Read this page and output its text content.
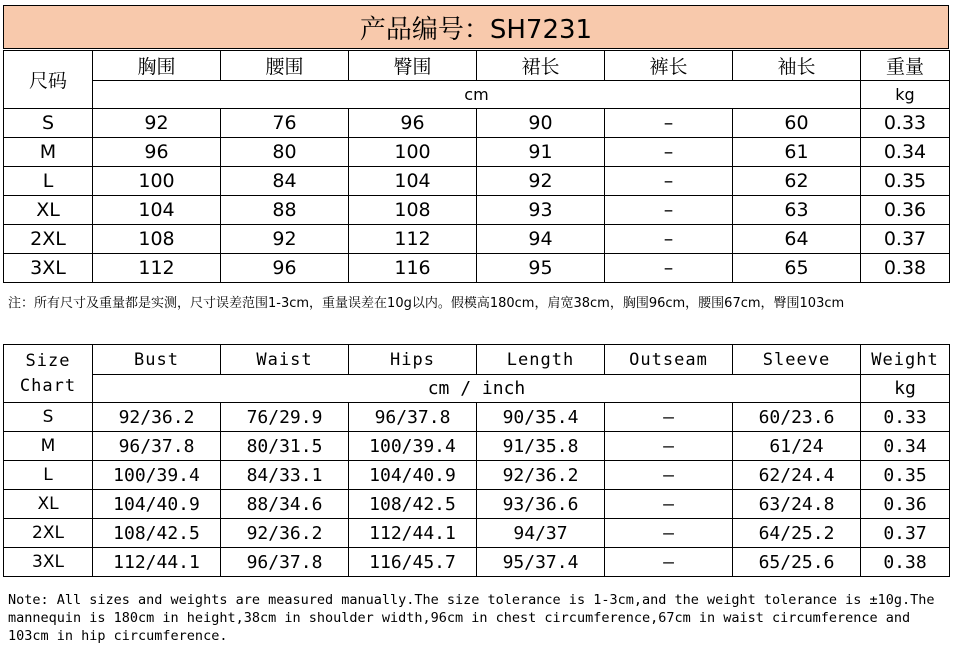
产品编号：SH7231
尺码	胸围	腰围	臀围	裙长	裤长	袖长	重量
	cm						kg
S	92	76	96	90	–	60	0.33
M	96	80	100	91	–	61	0.34
L	100	84	104	92	–	62	0.35
XL	104	88	108	93	–	63	0.36
2XL	108	92	112	94	–	64	0.37
3XL	112	96	116	95	–	65	0.38
注：所有尺寸及重量都是实测，尺寸误差范围1-3cm，重量误差在10g以内。假模高180cm，肩宽38cm，胸围96cm，腰围67cm，臀围103cm
Size
Chart	Bust	Waist	Hips	Length	Outseam	Sleeve	Weight
	cm / inch						kg
S	92/36.2	76/29.9	96/37.8	90/35.4	–	60/23.6	0.33
M	96/37.8	80/31.5	100/39.4	91/35.8	–	61/24	0.34
L	100/39.4	84/33.1	104/40.9	92/36.2	–	62/24.4	0.35
XL	104/40.9	88/34.6	108/42.5	93/36.6	–	63/24.8	0.36
2XL	108/42.5	92/36.2	112/44.1	94/37	–	64/25.2	0.37
3XL	112/44.1	96/37.8	116/45.7	95/37.4	–	65/25.6	0.38
Note: All sizes and weights are measured manually.The size tolerance is 1-3cm,and the weight tolerance is ±10g.The mannequin is 180cm in height,38cm in shoulder width,96cm in chest circumference,67cm in waist circumference and 103cm in hip circumference.
